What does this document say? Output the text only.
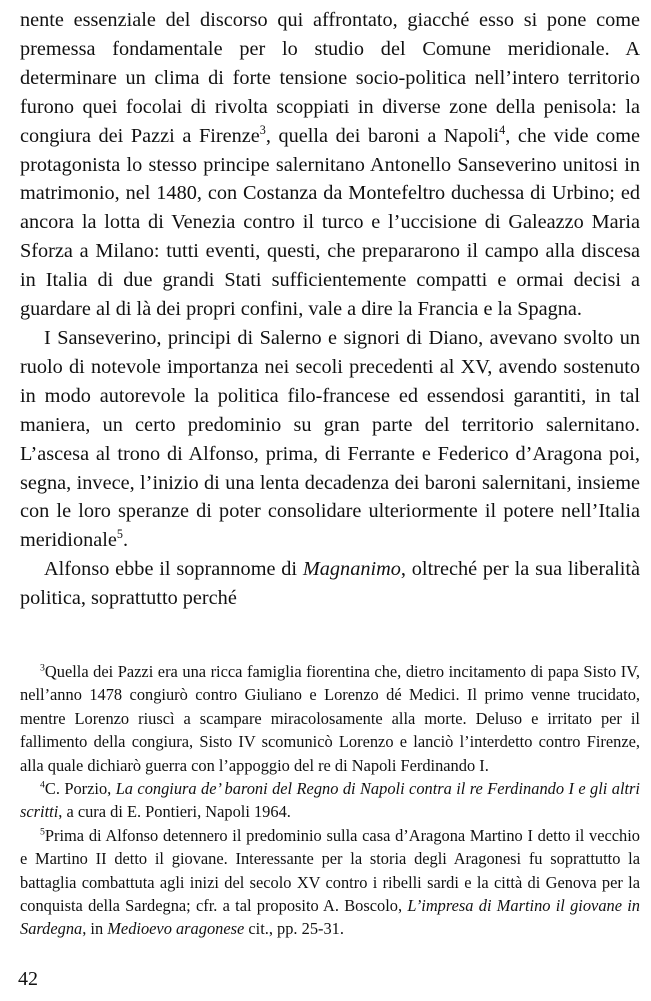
nente essenziale del discorso qui affrontato, giacché esso si pone come premessa fondamentale per lo studio del Comune meridionale. A determinare un clima di forte tensione socio-politica nell’intero territorio furono quei focolai di rivolta scoppiati in diverse zone della penisola: la congiura dei Pazzi a Firenze$^3$, quella dei baroni a Napoli$^4$, che vide come protagonista lo stesso principe salernitano Antonello Sanseverino unitosi in matrimonio, nel 1480, con Costanza da Montefeltro duchessa di Urbino; ed ancora la lotta di Venezia contro il turco e l’uccisione di Galeazzo Maria Sforza a Milano: tutti eventi, questi, che prepararono il campo alla discesa in Italia di due grandi Stati sufficientemente compatti e ormai decisi a guardare al di là dei propri confini, vale a dire la Francia e la Spagna.

I Sanseverino, principi di Salerno e signori di Diano, avevano svolto un ruolo di notevole importanza nei secoli precedenti al XV, avendo sostenuto in modo autorevole la politica filo-francese ed essendosi garantiti, in tal maniera, un certo predominio su gran parte del territorio salernitano. L’ascesa al trono di Alfonso, prima, di Ferrante e Federico d’Aragona poi, segna, invece, l’inizio di una lenta decadenza dei baroni salernitani, insieme con le loro speranze di poter consolidare ulteriormente il potere nell’Italia meridionale$^5$.

Alfonso ebbe il soprannome di Magnanimo, oltreché per la sua liberalità politica, soprattutto perché

$^3$Quella dei Pazzi era una ricca famiglia fiorentina che, dietro incitamento di papa Sisto IV, nell’anno 1478 congiurò contro Giuliano e Lorenzo dé Medici. Il primo venne trucidato, mentre Lorenzo riuscì a scampare miracolosamente alla morte. Deluso e irritato per il fallimento della congiura, Sisto IV scomunicò Lorenzo e lanciò l’interdetto contro Firenze, alla quale dichiarò guerra con l’appoggio del re di Napoli Ferdinando I.

$^4$C. Porzio, La congiura de’ baroni del Regno di Napoli contra il re Ferdinando I e gli altri scritti, a cura di E. Pontieri, Napoli 1964.

$^5$Prima di Alfonso detennero il predominio sulla casa d’Aragona Martino I detto il vecchio e Martino II detto il giovane. Interessante per la storia degli Aragonesi fu soprattutto la battaglia combattuta agli inizi del secolo XV contro i ribelli sardi e la città di Genova per la conquista della Sardegna; cfr. a tal proposito A. Boscolo, L’impresa di Martino il giovane in Sardegna, in Medioevo aragonese cit., pp. 25-31.

42
